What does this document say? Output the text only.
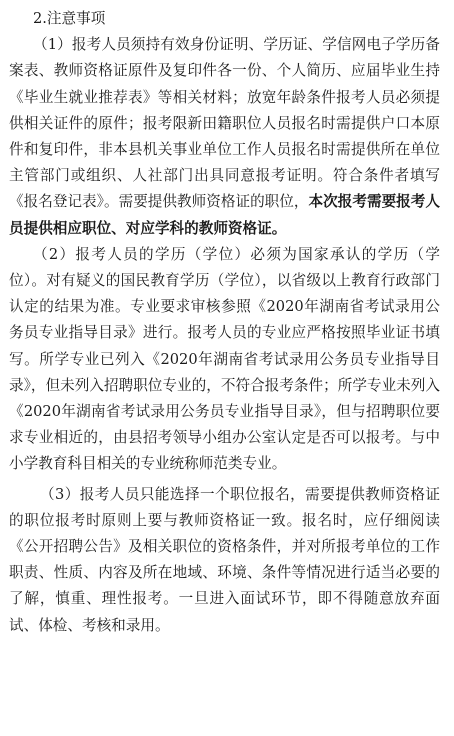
2.注意事项

（1）报考人员须持有效身份证明、学历证、学信网电子学历备案表、教师资格证原件及复印件各一份、个人简历、应届毕业生持《毕业生就业推荐表》等相关材料；放宽年龄条件报考人员必须提供相关证件的原件；报考限新田籍职位人员报名时需提供户口本原件和复印件，非本县机关事业单位工作人员报名时需提供所在单位主管部门或组织、人社部门出具同意报考证明。符合条件者填写《报名登记表》。需要提供教师资格证的职位，本次报考需要报考人员提供相应职位、对应学科的教师资格证。

（2）报考人员的学历（学位）必须为国家承认的学历（学位）。对有疑义的国民教育学历（学位），以省级以上教育行政部门认定的结果为准。专业要求审核参照《2020年湖南省考试录用公务员专业指导目录》进行。报考人员的专业应严格按照毕业证书填写。所学专业已列入《2020年湖南省考试录用公务员专业指导目录》，但未列入招聘职位专业的，不符合报考条件；所学专业未列入《2020年湖南省考试录用公务员专业指导目录》，但与招聘职位要求专业相近的，由县招考领导小组办公室认定是否可以报考。与中小学教育科目相关的专业统称师范类专业。

（3）报考人员只能选择一个职位报名，需要提供教师资格证的职位报考时原则上要与教师资格证一致。报名时，应仔细阅读《公开招聘公告》及相关职位的资格条件，并对所报考单位的工作职责、性质、内容及所在地域、环境、条件等情况进行适当必要的了解，慎重、理性报考。一旦进入面试环节，即不得随意放弃面试、体检、考核和录用。
